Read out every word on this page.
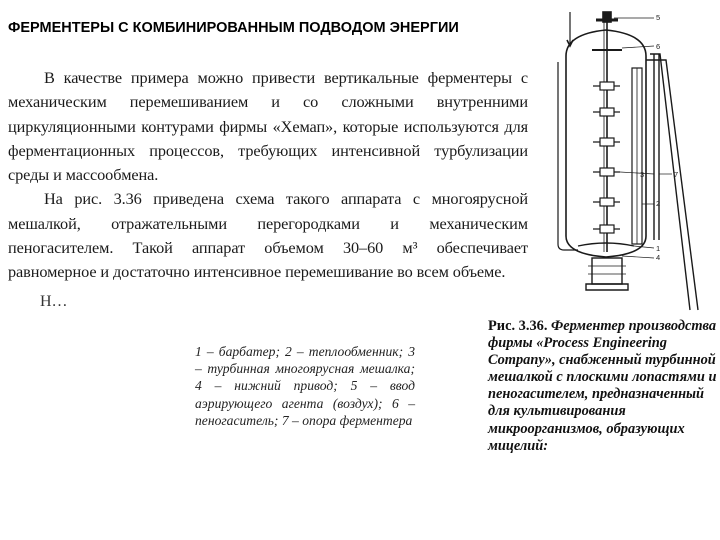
ФЕРМЕНТЕРЫ С КОМБИНИРОВАННЫМ ПОДВОДОМ ЭНЕРГИИ

В качестве примера можно привести вертикальные ферментеры с механическим перемешиванием и со сложными внутренними циркуляционными контурами фирмы «Хемап», которые используются для ферментационных процессов, требующих интенсивной турбулизации среды и массообмена.

На рис. 3.36 приведена схема такого аппарата с многоярусной мешалкой, отражательными перегородками и механическим пеногасителем. Такой аппарат объемом 30–60 м³ обеспечивает равномерное и достаточно интенсивное перемешивание во всем объеме.

Н…
5
6
3	7
2
1
4
1 – барбатер; 2 – теплообменник; 3 – турбинная многоярусная мешалка; 4 – нижний привод; 5 – ввод аэрирующего агента (воздух); 6 – пеногаситель; 7 – опора ферментера
Рис. 3.36. Ферментер производства фирмы «Process Engineering Company», снабженный турбинной мешалкой с плоскими лопастями и пеногасителем, предназначенный для культивирования микроорганизмов, образующих мицелий:
